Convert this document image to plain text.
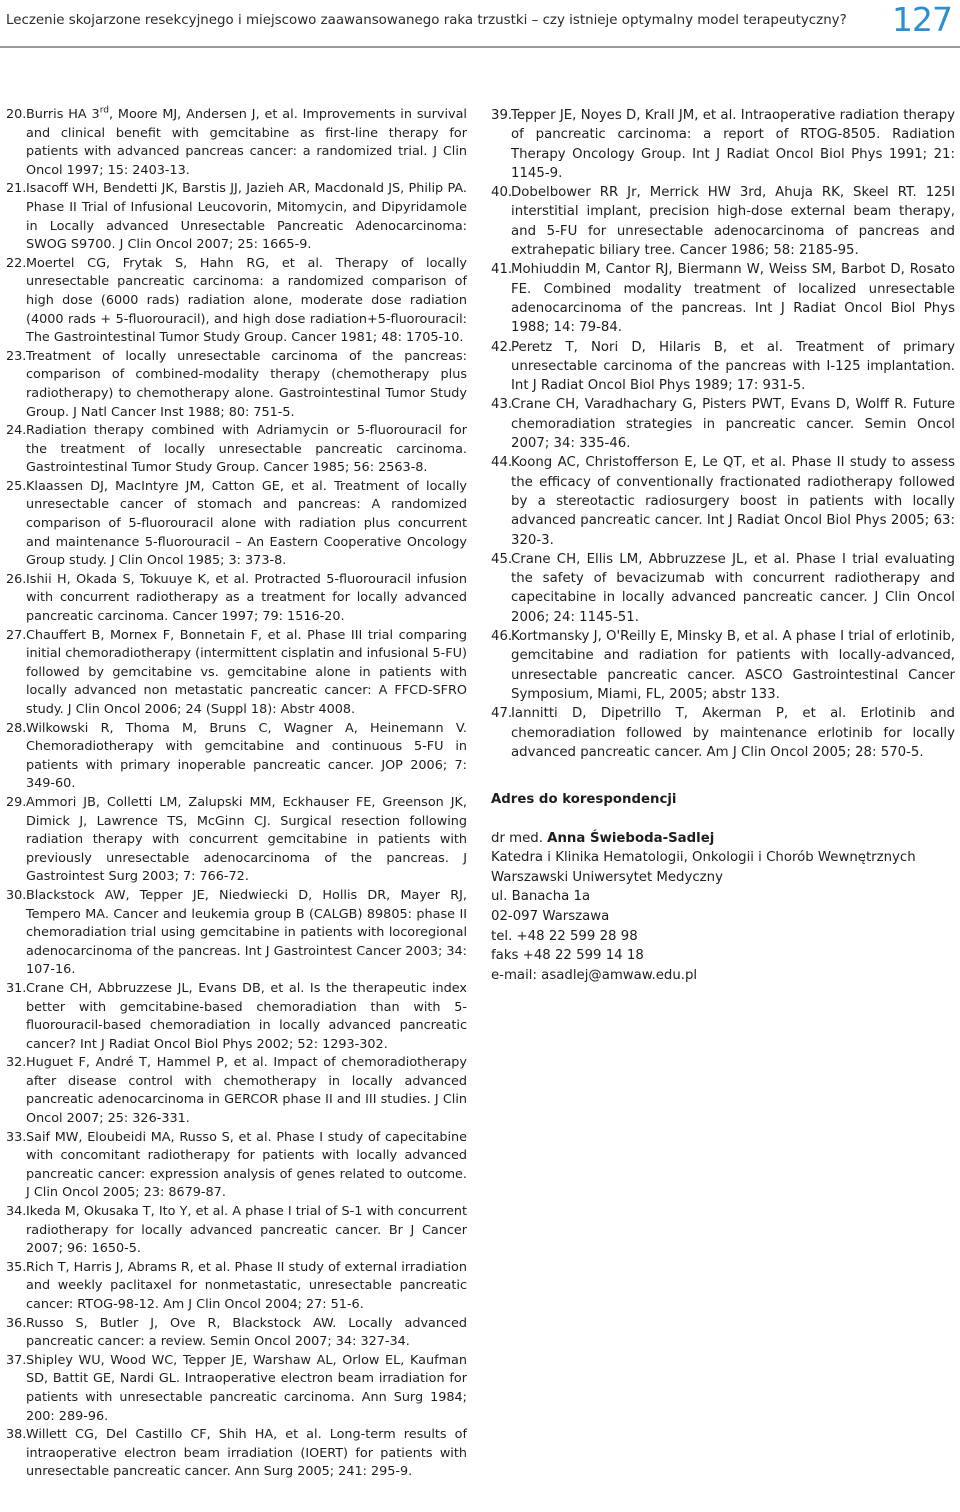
Leczenie skojarzone resekcyjnego i miejscowo zaawansowanego raka trzustki – czy istnieje optymalny model terapeutyczny? 127

20. Burris HA 3rd, Moore MJ, Andersen J, et al. Improvements in survival and clinical benefit with gemcitabine as first-line therapy for patients with advanced pancreas cancer: a randomized trial. J Clin Oncol 1997; 15: 2403-13.

21. Isacoff WH, Bendetti JK, Barstis JJ, Jazieh AR, Macdonald JS, Philip PA. Phase II Trial of Infusional Leucovorin, Mitomycin, and Dipyridamole in Locally advanced Unresectable Pancreatic Adenocarcinoma: SWOG S9700. J Clin Oncol 2007; 25: 1665-9.

22. Moertel CG, Frytak S, Hahn RG, et al. Therapy of locally unresectable pancreatic carcinoma: a randomized comparison of high dose (6000 rads) radiation alone, moderate dose radiation (4000 rads + 5-fluorouracil), and high dose radiation+5-fluorouracil: The Gastrointestinal Tumor Study Group. Cancer 1981; 48: 1705-10.

23. Treatment of locally unresectable carcinoma of the pancreas: comparison of combined-modality therapy (chemotherapy plus radiotherapy) to chemotherapy alone. Gastrointestinal Tumor Study Group. J Natl Cancer Inst 1988; 80: 751-5.

24. Radiation therapy combined with Adriamycin or 5-fluorouracil for the treatment of locally unresectable pancreatic carcinoma. Gastrointestinal Tumor Study Group. Cancer 1985; 56: 2563-8.

25. Klaassen DJ, MacIntyre JM, Catton GE, et al. Treatment of locally unresectable cancer of stomach and pancreas: A randomized comparison of 5-fluorouracil alone with radiation plus concurrent and maintenance 5-fluorouracil – An Eastern Cooperative Oncology Group study. J Clin Oncol 1985; 3: 373-8.

26. Ishii H, Okada S, Tokuuye K, et al. Protracted 5-fluorouracil infusion with concurrent radiotherapy as a treatment for locally advanced pancreatic carcinoma. Cancer 1997; 79: 1516-20.

27. Chauffert B, Mornex F, Bonnetain F, et al. Phase III trial comparing initial chemoradiotherapy (intermittent cisplatin and infusional 5-FU) followed by gemcitabine vs. gemcitabine alone in patients with locally advanced non metastatic pancreatic cancer: A FFCD-SFRO study. J Clin Oncol 2006; 24 (Suppl 18): Abstr 4008.

28. Wilkowski R, Thoma M, Bruns C, Wagner A, Heinemann V. Chemoradiotherapy with gemcitabine and continuous 5-FU in patients with primary inoperable pancreatic cancer. JOP 2006; 7: 349-60.

29. Ammori JB, Colletti LM, Zalupski MM, Eckhauser FE, Greenson JK, Dimick J, Lawrence TS, McGinn CJ. Surgical resection following radiation therapy with concurrent gemcitabine in patients with previously unresectable adenocarcinoma of the pancreas. J Gastrointest Surg 2003; 7: 766-72.

30. Blackstock AW, Tepper JE, Niedwiecki D, Hollis DR, Mayer RJ, Tempero MA. Cancer and leukemia group B (CALGB) 89805: phase II chemoradiation trial using gemcitabine in patients with locoregional adenocarcinoma of the pancreas. Int J Gastrointest Cancer 2003; 34: 107-16.

31. Crane CH, Abbruzzese JL, Evans DB, et al. Is the therapeutic index better with gemcitabine-based chemoradiation than with 5-fluorouracil-based chemoradiation in locally advanced pancreatic cancer? Int J Radiat Oncol Biol Phys 2002; 52: 1293-302.

32. Huguet F, André T, Hammel P, et al. Impact of chemoradiotherapy after disease control with chemotherapy in locally advanced pancreatic adenocarcinoma in GERCOR phase II and III studies. J Clin Oncol 2007; 25: 326-331.

33. Saif MW, Eloubeidi MA, Russo S, et al. Phase I study of capecitabine with concomitant radiotherapy for patients with locally advanced pancreatic cancer: expression analysis of genes related to outcome. J Clin Oncol 2005; 23: 8679-87.

34. Ikeda M, Okusaka T, Ito Y, et al. A phase I trial of S-1 with concurrent radiotherapy for locally advanced pancreatic cancer. Br J Cancer 2007; 96: 1650-5.

35. Rich T, Harris J, Abrams R, et al. Phase II study of external irradiation and weekly paclitaxel for nonmetastatic, unresectable pancreatic cancer: RTOG-98-12. Am J Clin Oncol 2004; 27: 51-6.

36. Russo S, Butler J, Ove R, Blackstock AW. Locally advanced pancreatic cancer: a review. Semin Oncol 2007; 34: 327-34.

37. Shipley WU, Wood WC, Tepper JE, Warshaw AL, Orlow EL, Kaufman SD, Battit GE, Nardi GL. Intraoperative electron beam irradiation for patients with unresectable pancreatic carcinoma. Ann Surg 1984; 200: 289-96.

38. Willett CG, Del Castillo CF, Shih HA, et al. Long-term results of intraoperative electron beam irradiation (IOERT) for patients with unresectable pancreatic cancer. Ann Surg 2005; 241: 295-9.

39.
Tepper JE, Noyes D, Krall JM, et al. Intraoperative radiation therapy of pancreatic carcinoma: a report of RTOG-8505. Radiation Therapy Oncology Group. Int J Radiat Oncol Biol Phys 1991; 21: 1145-9.

40.
Dobelbower RR Jr, Merrick HW 3rd, Ahuja RK, Skeel RT. 125I interstitial implant, precision high-dose external beam therapy, and 5-FU for unresectable adenocarcinoma of pancreas and extrahepatic biliary tree. Cancer 1986; 58: 2185-95.

41.
Mohiuddin M, Cantor RJ, Biermann W, Weiss SM, Barbot D, Rosato FE. Combined modality treatment of localized unresectable adenocarcinoma of the pancreas. Int J Radiat Oncol Biol Phys 1988; 14: 79-84.

42.
Peretz T, Nori D, Hilaris B, et al. Treatment of primary unresectable carcinoma of the pancreas with I-125 implantation. Int J Radiat Oncol Biol Phys 1989; 17: 931-5.

43.
Crane CH, Varadhachary G, Pisters PWT, Evans D, Wolff R. Future chemoradiation strategies in pancreatic cancer. Semin Oncol 2007; 34: 335-46.

44.
Koong AC, Christofferson E, Le QT, et al. Phase II study to assess the efficacy of conventionally fractionated radiotherapy followed by a stereotactic radiosurgery boost in patients with locally advanced pancreatic cancer. Int J Radiat Oncol Biol Phys 2005; 63: 320-3.

45.
Crane CH, Ellis LM, Abbruzzese JL, et al. Phase I trial evaluating the safety of bevacizumab with concurrent radiotherapy and capecitabine in locally advanced pancreatic cancer. J Clin Oncol 2006; 24: 1145-51.

46.
Kortmansky J, O'Reilly E, Minsky B, et al. A phase I trial of erlotinib, gemcitabine and radiation for patients with locally-advanced, unresectable pancreatic cancer. ASCO Gastrointestinal Cancer Symposium, Miami, FL, 2005; abstr 133.

47.
Iannitti D, Dipetrillo T, Akerman P, et al. Erlotinib and chemoradiation followed by maintenance erlotinib for locally advanced pancreatic cancer. Am J Clin Oncol 2005; 28: 570-5.

Adres do korespondencji

dr med. Anna Świeboda-Sadlej

Katedra i Klinika Hematologii, Onkologii i Chorób Wewnętrznych

Warszawski Uniwersytet Medyczny

ul. Banacha 1a

02-097 Warszawa

tel. +48 22 599 28 98

faks +48 22 599 14 18

e-mail: asadlej@amwaw.edu.pl
